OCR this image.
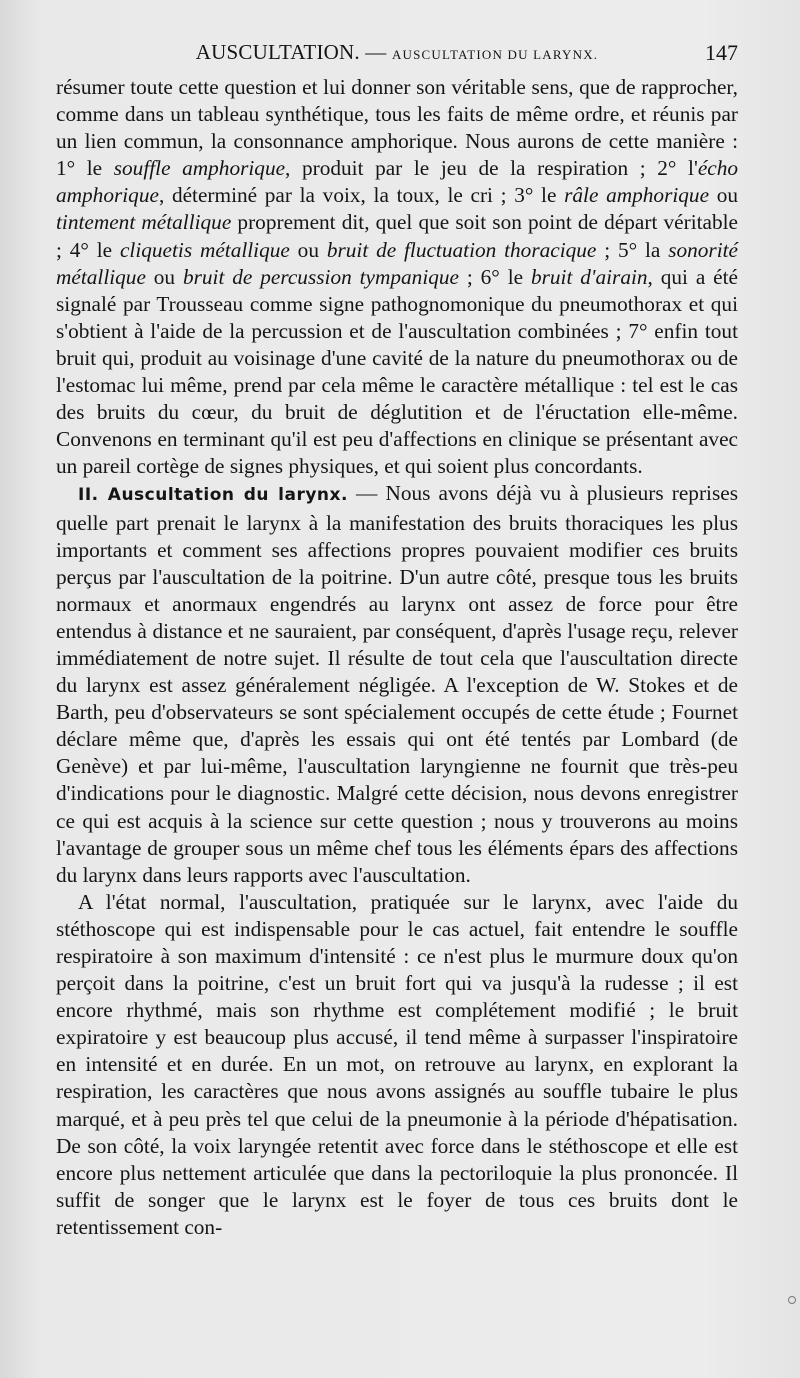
AUSCULTATION. — AUSCULTATION DU LARYNX.	147

résumer toute cette question et lui donner son véritable sens, que de rapprocher, comme dans un tableau synthétique, tous les faits de même ordre, et réunis par un lien commun, la consonnance amphorique. Nous aurons de cette manière : 1° le souffle amphorique, produit par le jeu de la respiration ; 2° l'écho amphorique, déterminé par la voix, la toux, le cri ; 3° le râle amphorique ou tintement métallique proprement dit, quel que soit son point de départ véritable ; 4° le cliquetis métallique ou bruit de fluctuation thoracique ; 5° la sonorité métallique ou bruit de percussion tympanique ; 6° le bruit d'airain, qui a été signalé par Trousseau comme signe pathognomonique du pneumothorax et qui s'obtient à l'aide de la percussion et de l'auscultation combinées ; 7° enfin tout bruit qui, produit au voisinage d'une cavité de la nature du pneumothorax ou de l'estomac lui même, prend par cela même le caractère métallique : tel est le cas des bruits du cœur, du bruit de déglutition et de l'éructation elle-même. Convenons en terminant qu'il est peu d'affections en clinique se présentant avec un pareil cortège de signes physiques, et qui soient plus concordants.

II. Auscultation du larynx. — Nous avons déjà vu à plusieurs reprises quelle part prenait le larynx à la manifestation des bruits thoraciques les plus importants et comment ses affections propres pouvaient modifier ces bruits perçus par l'auscultation de la poitrine. D'un autre côté, presque tous les bruits normaux et anormaux engendrés au larynx ont assez de force pour être entendus à distance et ne sauraient, par conséquent, d'après l'usage reçu, relever immédiatement de notre sujet. Il résulte de tout cela que l'auscultation directe du larynx est assez généralement négligée. A l'exception de W. Stokes et de Barth, peu d'observateurs se sont spécialement occupés de cette étude ; Fournet déclare même que, d'après les essais qui ont été tentés par Lombard (de Genève) et par lui-même, l'auscultation laryngienne ne fournit que très-peu d'indications pour le diagnostic. Malgré cette décision, nous devons enregistrer ce qui est acquis à la science sur cette question ; nous y trouverons au moins l'avantage de grouper sous un même chef tous les éléments épars des affections du larynx dans leurs rapports avec l'auscultation.

A l'état normal, l'auscultation, pratiquée sur le larynx, avec l'aide du stéthoscope qui est indispensable pour le cas actuel, fait entendre le souffle respiratoire à son maximum d'intensité : ce n'est plus le murmure doux qu'on perçoit dans la poitrine, c'est un bruit fort qui va jusqu'à la rudesse ; il est encore rhythmé, mais son rhythme est complétement modifié ; le bruit expiratoire y est beaucoup plus accusé, il tend même à surpasser l'inspiratoire en intensité et en durée. En un mot, on retrouve au larynx, en explorant la respiration, les caractères que nous avons assignés au souffle tubaire le plus marqué, et à peu près tel que celui de la pneumonie à la période d'hépatisation. De son côté, la voix laryngée retentit avec force dans le stéthoscope et elle est encore plus nettement articulée que dans la pectoriloquie la plus prononcée. Il suffit de songer que le larynx est le foyer de tous ces bruits dont le retentissement con-
